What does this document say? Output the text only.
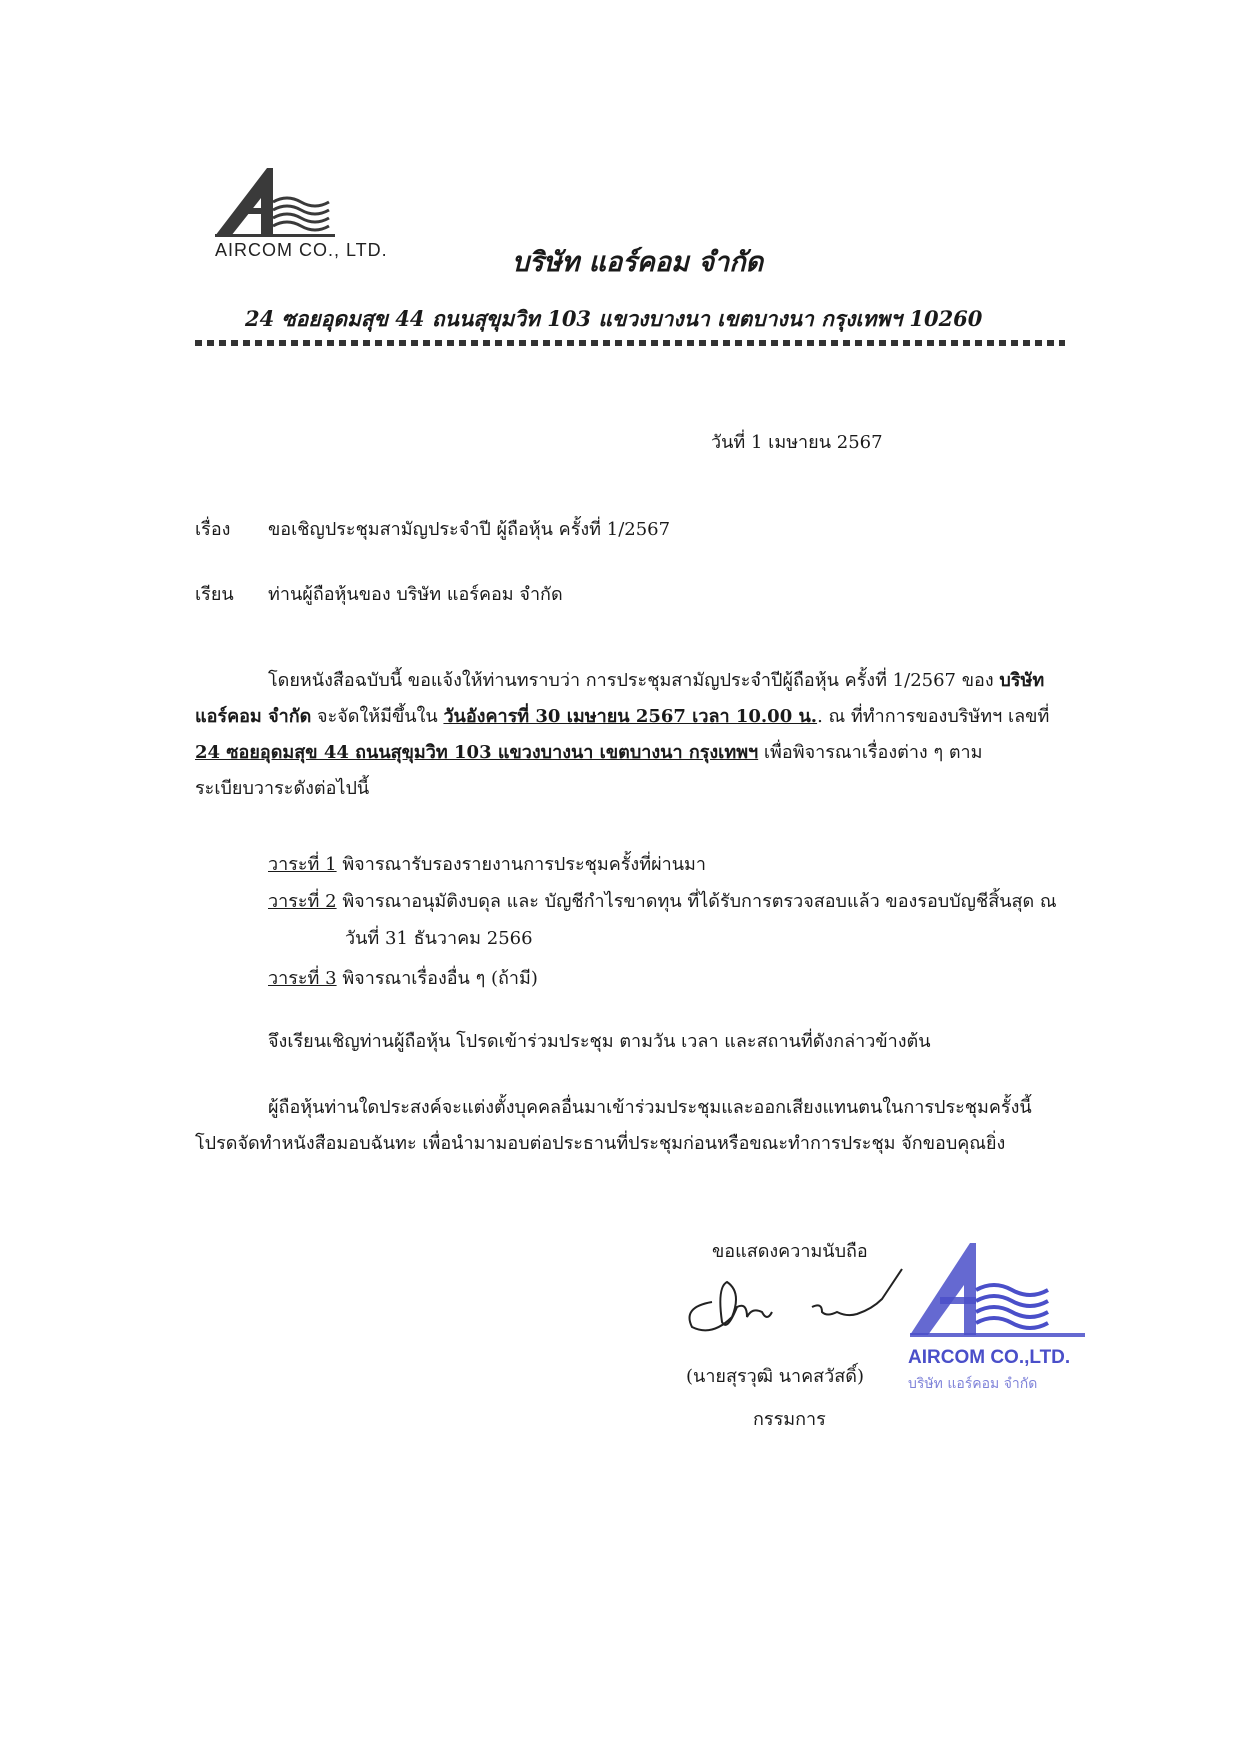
AIRCOM CO., LTD.	บริษัท แอร์คอม จำกัด
24 ซอยอุดมสุข 44 ถนนสุขุมวิท 103 แขวงบางนา เขตบางนา กรุงเทพฯ 10260
วันที่ 1 เมษายน 2567
เรื่อง ขอเชิญประชุมสามัญประจำปี ผู้ถือหุ้น ครั้งที่ 1/2567
เรียน ท่านผู้ถือหุ้นของ บริษัท แอร์คอม จำกัด
โดยหนังสือฉบับนี้ ขอแจ้งให้ท่านทราบว่า การประชุมสามัญประจำปีผู้ถือหุ้น ครั้งที่ 1/2567 ของ บริษัท แอร์คอม จำกัด จะจัดให้มีขึ้นใน วันอังคารที่ 30 เมษายน 2567 เวลา 10.00 น.. ณ ที่ทำการของบริษัทฯ เลขที่ 24 ซอยอุดมสุข 44 ถนนสุขุมวิท 103 แขวงบางนา เขตบางนา กรุงเทพฯ เพื่อพิจารณาเรื่องต่าง ๆ ตามระเบียบวาระดังต่อไปนี้
วาระที่ 1 พิจารณารับรองรายงานการประชุมครั้งที่ผ่านมา
วาระที่ 2 พิจารณาอนุมัติงบดุล และ บัญชีกำไรขาดทุน ที่ได้รับการตรวจสอบแล้ว ของรอบบัญชีสิ้นสุด ณ
วันที่ 31 ธันวาคม 2566
วาระที่ 3 พิจารณาเรื่องอื่น ๆ (ถ้ามี)
จึงเรียนเชิญท่านผู้ถือหุ้น โปรดเข้าร่วมประชุม ตามวัน เวลา และสถานที่ดังกล่าวข้างต้น
ผู้ถือหุ้นท่านใดประสงค์จะแต่งตั้งบุคคลอื่นมาเข้าร่วมประชุมและออกเสียงแทนตนในการประชุมครั้งนี้ โปรดจัดทำหนังสือมอบฉันทะ เพื่อนำมามอบต่อประธานที่ประชุมก่อนหรือขณะทำการประชุม จักขอบคุณยิ่ง
ขอแสดงความนับถือ
AIRCOM CO.,LTD.
บริษัท แอร์คอม จำกัด
(นายสุรวุฒิ นาคสวัสดิ์)
กรรมการ
